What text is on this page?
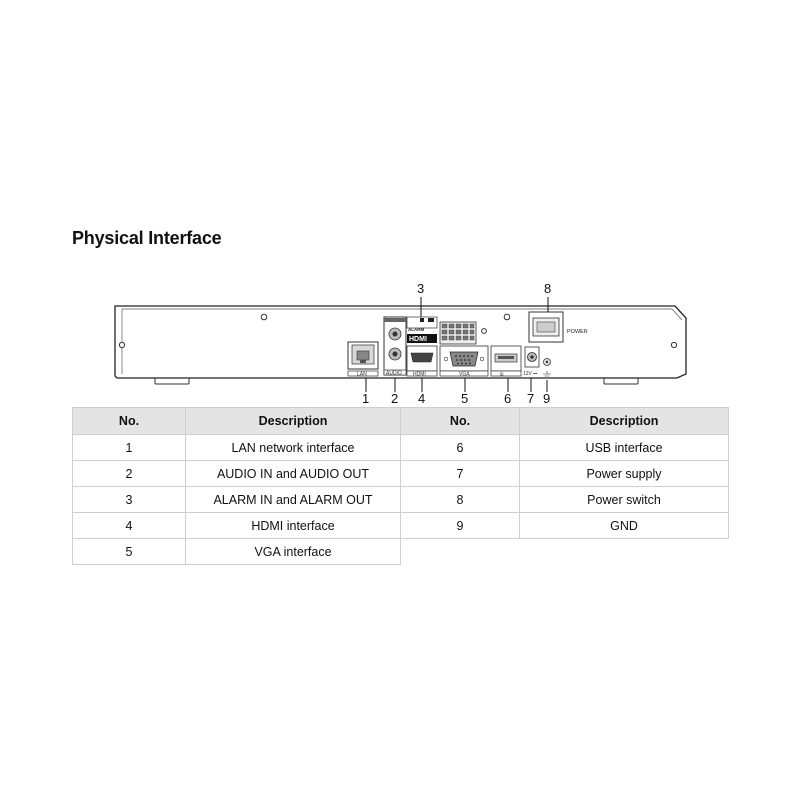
Physical Interface
LAN	AUDIO
ALARM
HDMI
HDMI	VGA	ψ	12V ⎓
POWER
3	8
1 2 4	5	6 7 9
No.	Description	No.	Description
1	LAN network interface	6	USB interface
2	AUDIO IN and AUDIO OUT	7	Power supply
3	ALARM IN and ALARM OUT	8	Power switch
4	HDMI interface	9	GND
5	VGA interface		
